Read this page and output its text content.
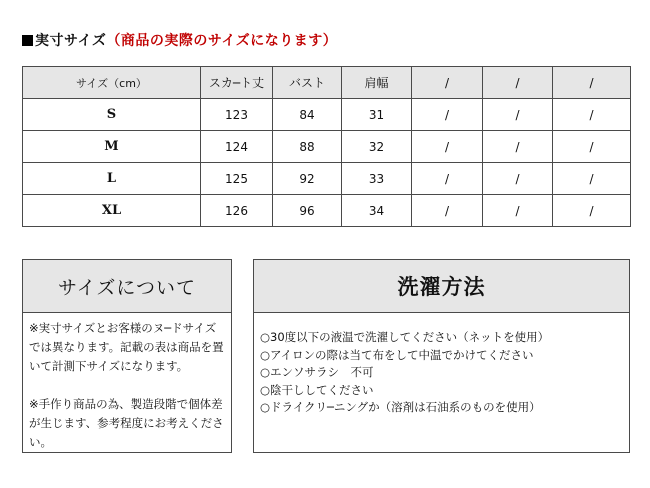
実寸サイズ（商品の実際のサイズになります）
サイズ（cm）	スカ─ト丈	バスト	肩幅	/	/	/
S	123	84	31	/	/	/
M	124	88	32	/	/	/
L	125	92	33	/	/	/
XL	126	96	34	/	/	/
サイズについて

※実寸サイズとお客様のヌ─ドサイズでは異なります。記載の表は商品を置いて計測下サイズになります。

※手作り商品の為、製造段階で個体差が生じます、参考程度にお考えください。

洗濯方法
○30度以下の液温で洗濯してください（ネットを使用）
○アイロンの際は当て布をして中温でかけてください
○エンソサラシ　不可
○陰干ししてください
○ドライクリ─ニングか（溶剤は石油系のものを使用）
